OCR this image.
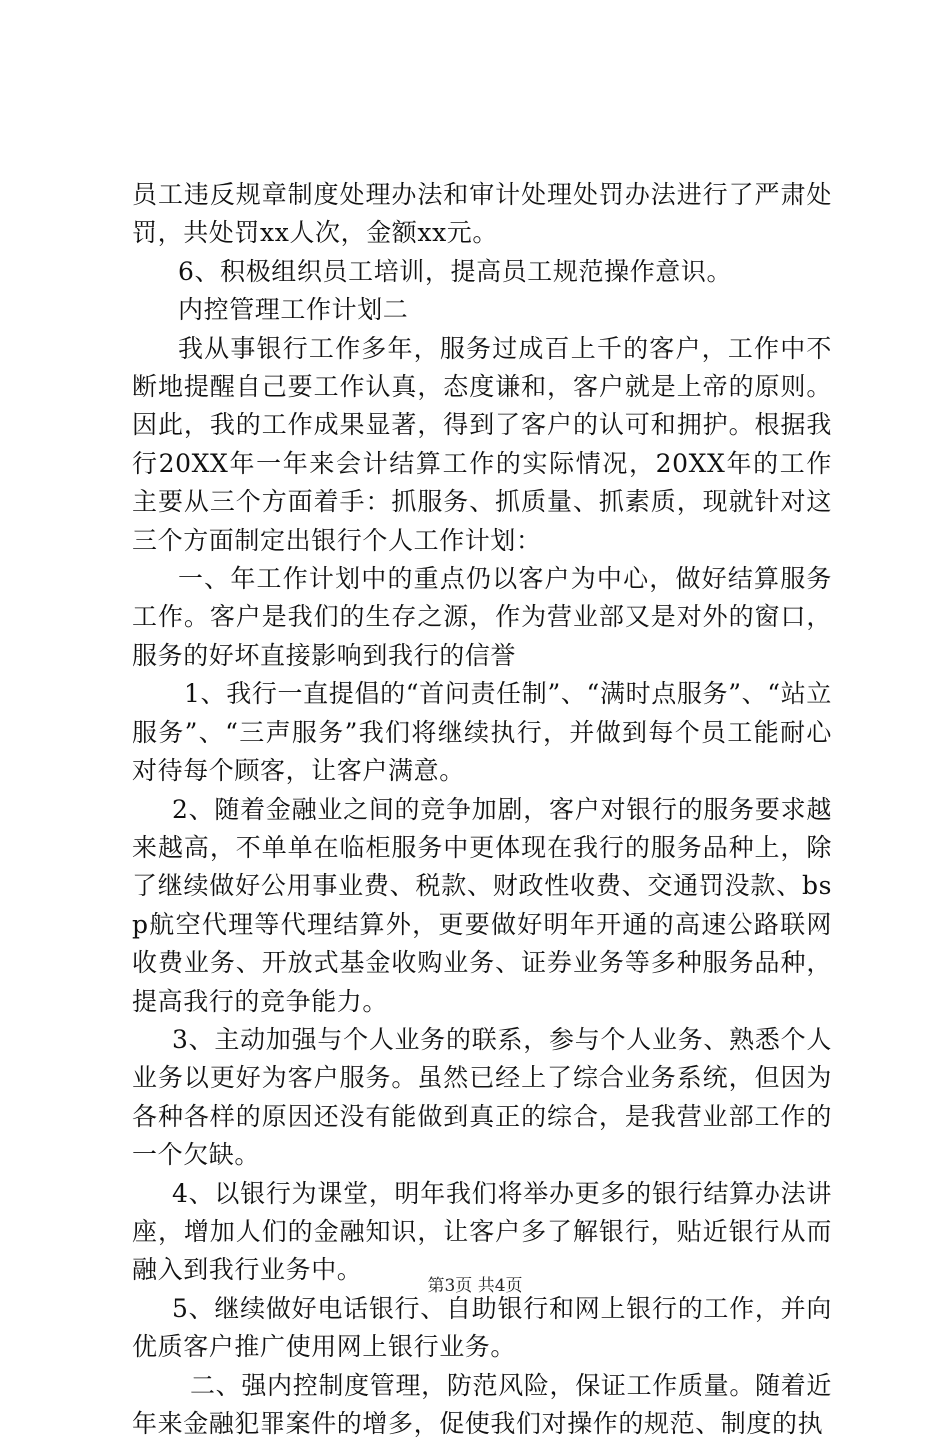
员工违反规章制度处理办法和审计处理处罚办法进行了严肃处罚，共处罚xx人次，金额xx元。

6、积极组织员工培训，提高员工规范操作意识。

内控管理工作计划二

我从事银行工作多年，服务过成百上千的客户，工作中不断地提醒自己要工作认真，态度谦和，客户就是上帝的原则。因此，我的工作成果显著，得到了客户的认可和拥护。根据我行20XX年一年来会计结算工作的实际情况，20XX年的工作主要从三个方面着手：抓服务、抓质量、抓素质，现就针对这三个方面制定出银行个人工作计划：

一、年工作计划中的重点仍以客户为中心，做好结算服务工作。客户是我们的生存之源，作为营业部又是对外的窗口，服务的好坏直接影响到我行的信誉

1、我行一直提倡的“首问责任制”、“满时点服务”、“站立服务”、“三声服务”我们将继续执行，并做到每个员工能耐心对待每个顾客，让客户满意。

2、随着金融业之间的竞争加剧，客户对银行的服务要求越来越高，不单单在临柜服务中更体现在我行的服务品种上，除了继续做好公用事业费、税款、财政性收费、交通罚没款、bsp航空代理等代理结算外，更要做好明年开通的高速公路联网收费业务、开放式基金收购业务、证券业务等多种服务品种，提高我行的竞争能力。

3、主动加强与个人业务的联系，参与个人业务、熟悉个人业务以更好为客户服务。虽然已经上了综合业务系统，但因为各种各样的原因还没有能做到真正的综合，是我营业部工作的一个欠缺。

4、以银行为课堂，明年我们将举办更多的银行结算办法讲座，增加人们的金融知识，让客户多了解银行，贴近银行从而融入到我行业务中。

5、继续做好电话银行、自助银行和网上银行的工作，并向优质客户推广使用网上银行业务。

二、强内控制度管理，防范风险，保证工作质量。随着近年来金融犯罪案件的增多，促使我们对操作的规范、制度的执

第3页 共4页
